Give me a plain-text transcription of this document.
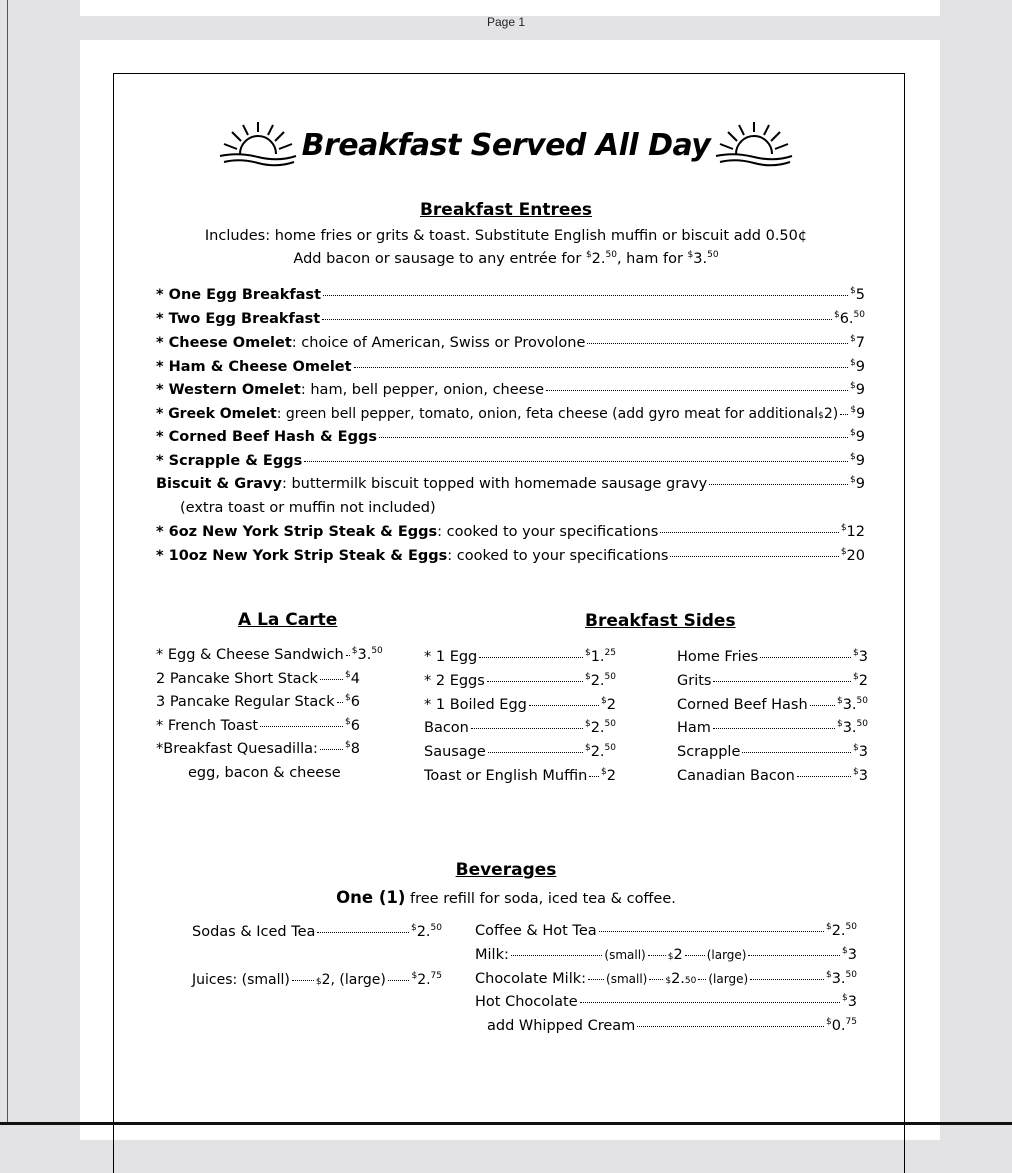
Page 1
Breakfast Served All Day
Breakfast Entrees
Includes: home fries or grits & toast. Substitute English muffin or biscuit add 0.50¢
Add bacon or sausage to any entrée for $2.50, ham for $3.50
* One Egg Breakfast	$5
* Two Egg Breakfast	$6.50
* Cheese Omelet : choice of American, Swiss or Provolone	$7
* Ham & Cheese Omelet	$9
* Western Omelet : ham, bell pepper, onion, cheese	$9
* Greek Omelet : green bell pepper, tomato, onion, feta cheese (add gyro meat for additional $ 2) $9
* Corned Beef Hash & Eggs	$9
* Scrapple & Eggs	$9
Biscuit & Gravy : buttermilk biscuit topped with homemade sausage gravy	$9
(extra toast or muffin not included)
* 6oz New York Strip Steak & Eggs : cooked to your specifications	$12
* 10oz New York Strip Steak & Eggs : cooked to your specifications	$20
A La Carte
* Egg & Cheese Sandwich $3.50
2 Pancake Short Stack	$4
3 Pancake Regular Stack $6
* French Toast	$6
*Breakfast Quesadilla:	$8
egg, bacon & cheese
Breakfast Sides
* 1 Egg	$1.25
* 2 Eggs	$2.50
* 1 Boiled Egg	$2
Bacon	$2.50
Sausage	$2.50
Toast or English Muffin $2
Home Fries	$3
Grits	$2
Corned Beef Hash	$3.50
Ham	$3.50
Scrapple	$3
Canadian Bacon	$3
Beverages
One (1) free refill for soda, iced tea & coffee.
Sodas & Iced Tea	$2.50
Juices: (small)	$ 2, (large)	$2.75
Coffee & Hot Tea	$2.50
Milk:	(small) $ 2 (large)	$3
Chocolate Milk: (small) $ 2. 50 (large)	$3.50
Hot Chocolate	$3
add Whipped Cream	$0.75
